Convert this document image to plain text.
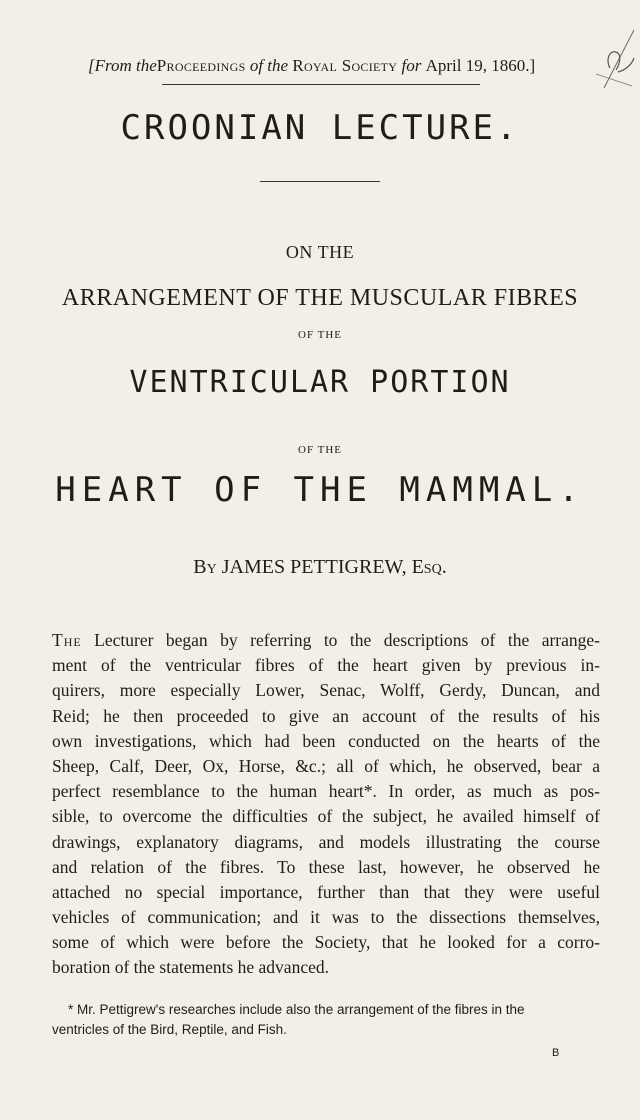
[From theProceedings of the Royal Society for April 19, 1860.]
CROONIAN LECTURE.
ON THE
ARRANGEMENT OF THE MUSCULAR FIBRES
OF THE
VENTRICULAR PORTION
OF THE
HEART OF THE MAMMAL.
By JAMES PETTIGREW, Esq.
The Lecturer began by referring to the descriptions of the arrange-
ment of the ventricular fibres of the heart given by previous in-
quirers, more especially Lower, Senac, Wolff, Gerdy, Duncan, and
Reid; he then proceeded to give an account of the results of his
own investigations, which had been conducted on the hearts of the
Sheep, Calf, Deer, Ox, Horse, &c.; all of which, he observed, bear a
perfect resemblance to the human heart*. In order, as much as pos-
sible, to overcome the difficulties of the subject, he availed himself of
drawings, explanatory diagrams, and models illustrating the course
and relation of the fibres. To these last, however, he observed he
attached no special importance, further than that they were useful
vehicles of communication; and it was to the dissections themselves,
some of which were before the Society, that he looked for a corro-
boration of the statements he advanced.
* Mr. Pettigrew's researches include also the arrangement of the fibres in the
ventricles of the Bird, Reptile, and Fish.
B
